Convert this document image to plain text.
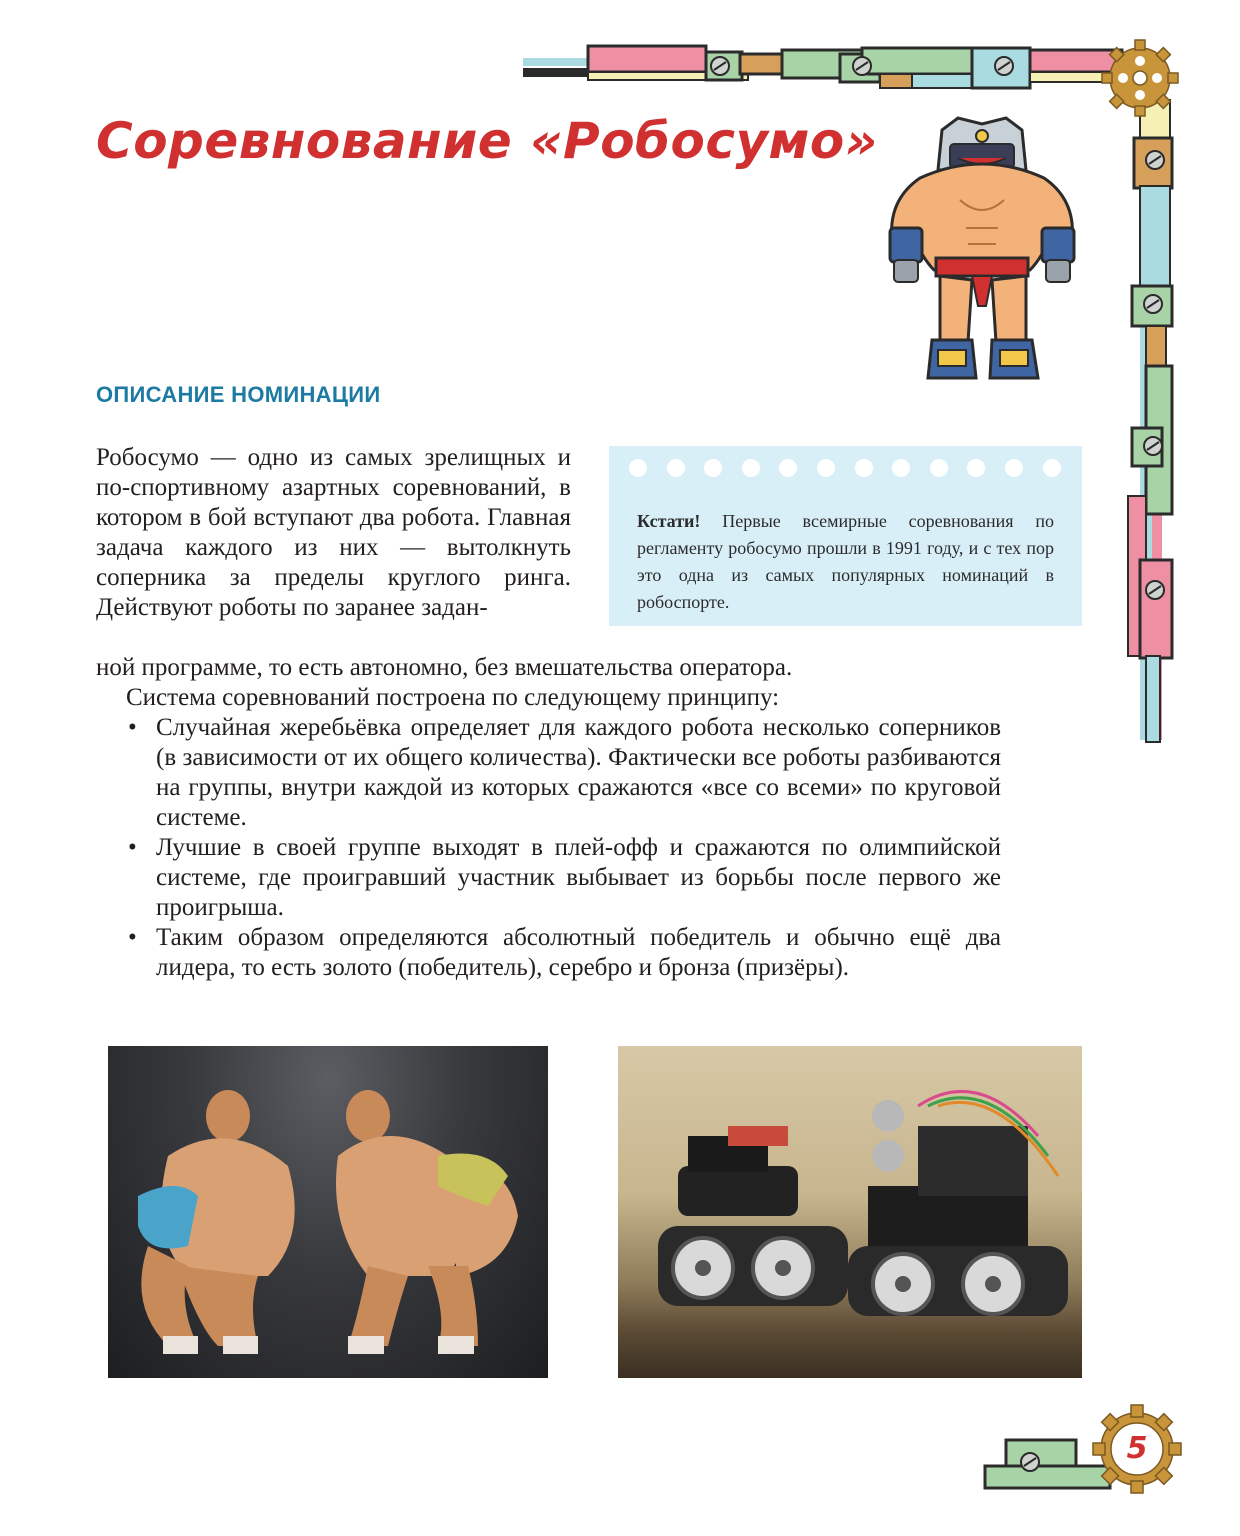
Соревнование «Робосумо»
ОПИСАНИЕ НОМИНАЦИИ

Робосумо — одно из самых зрелищных и по-спортивному азартных соревнований, в котором в бой вступают два робота. Главная задача каждого из них — вытолкнуть соперника за пределы круглого ринга. Действуют роботы по заранее задан-

ной программе, то есть автономно, без вмешательства оператора.

Система соревнований построена по следующему принципу:

• Случайная жеребьёвка определяет для каждого робота несколько соперников (в зависимости от их общего количества). Фактически все роботы разбиваются на группы, внутри каждой из которых сражаются «все со всеми» по круговой системе.
• Лучшие в своей группе выходят в плей-офф и сражаются по олимпийской системе, где проигравший участник выбывает из борьбы после первого же проигрыша.
• Таким образом определяются абсолютный победитель и обычно ещё два лидера, то есть золото (победитель), серебро и бронза (призёры).

Кстати! Первые всемирные соревнования по регламенту робосумо прошли в 1991 году, и с тех пор это одна из самых популярных номинаций в робоспорте.

5
